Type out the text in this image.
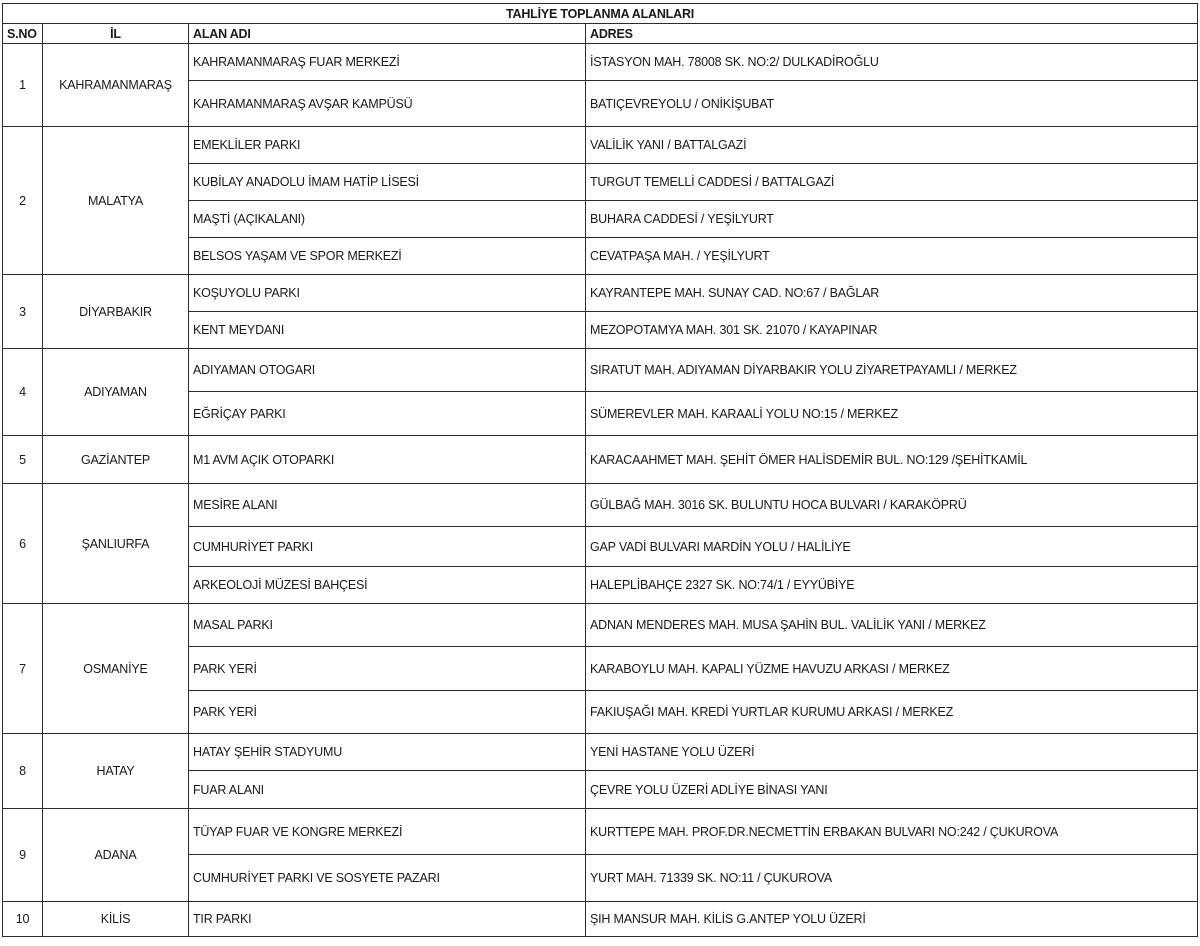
TAHLİYE TOPLANMA ALANLARI			
S.NO	İL	ALAN ADI	ADRES
1	KAHRAMANMARAŞ	KAHRAMANMARAŞ FUAR MERKEZİ	İSTASYON MAH. 78008 SK. NO:2/ DULKADİROĞLU
		KAHRAMANMARAŞ AVŞAR KAMPÜSÜ	BATIÇEVREYOLU / ONİKİŞUBAT
2	MALATYA	EMEKLİLER PARKI	VALİLİK YANI / BATTALGAZİ
		KUBİLAY ANADOLU İMAM HATİP LİSESİ	TURGUT TEMELLİ CADDESİ / BATTALGAZİ
		MAŞTİ (AÇIKALANI)	BUHARA CADDESİ / YEŞİLYURT
		BELSOS YAŞAM VE SPOR MERKEZİ	CEVATPAŞA MAH. / YEŞİLYURT
3	DİYARBAKIR	KOŞUYOLU PARKI	KAYRANTEPE MAH. SUNAY CAD. NO:67 / BAĞLAR
		KENT MEYDANI	MEZOPOTAMYA MAH. 301 SK. 21070 / KAYAPINAR
4	ADIYAMAN	ADIYAMAN OTOGARI	SIRATUT MAH. ADIYAMAN DİYARBAKIR YOLU ZİYARETPAYAMLI / MERKEZ
		EĞRİÇAY PARKI	SÜMEREVLER MAH. KARAALİ YOLU NO:15 / MERKEZ
5	GAZİANTEP	M1 AVM AÇIK OTOPARKI	KARACAAHMET MAH. ŞEHİT ÖMER HALİSDEMİR BUL. NO:129 /ŞEHİTKAMİL
6	ŞANLIURFA	MESİRE ALANI	GÜLBAĞ MAH. 3016 SK. BULUNTU HOCA BULVARI / KARAKÖPRÜ
		CUMHURİYET PARKI	GAP VADİ BULVARI MARDİN YOLU / HALİLİYE
		ARKEOLOJİ MÜZESİ BAHÇESİ	HALEPLİBAHÇE 2327 SK. NO:74/1 / EYYÜBİYE
7	OSMANİYE	MASAL PARKI	ADNAN MENDERES MAH. MUSA ŞAHİN BUL. VALİLİK YANI / MERKEZ
		PARK YERİ	KARABOYLU MAH. KAPALI YÜZME HAVUZU ARKASI / MERKEZ
		PARK YERİ	FAKIUŞAĞI MAH. KREDİ YURTLAR KURUMU ARKASI / MERKEZ
8	HATAY	HATAY ŞEHİR STADYUMU	YENİ HASTANE YOLU ÜZERİ
		FUAR ALANI	ÇEVRE YOLU ÜZERİ ADLİYE BİNASI YANI
9	ADANA	TÜYAP FUAR VE KONGRE MERKEZİ	KURTTEPE MAH. PROF.DR.NECMETTİN ERBAKAN BULVARI NO:242 / ÇUKUROVA
		CUMHURİYET PARKI VE SOSYETE PAZARI	YURT MAH. 71339 SK. NO:11 / ÇUKUROVA
10	KİLİS	TIR PARKI	ŞIH MANSUR MAH. KİLİS G.ANTEP YOLU ÜZERİ
